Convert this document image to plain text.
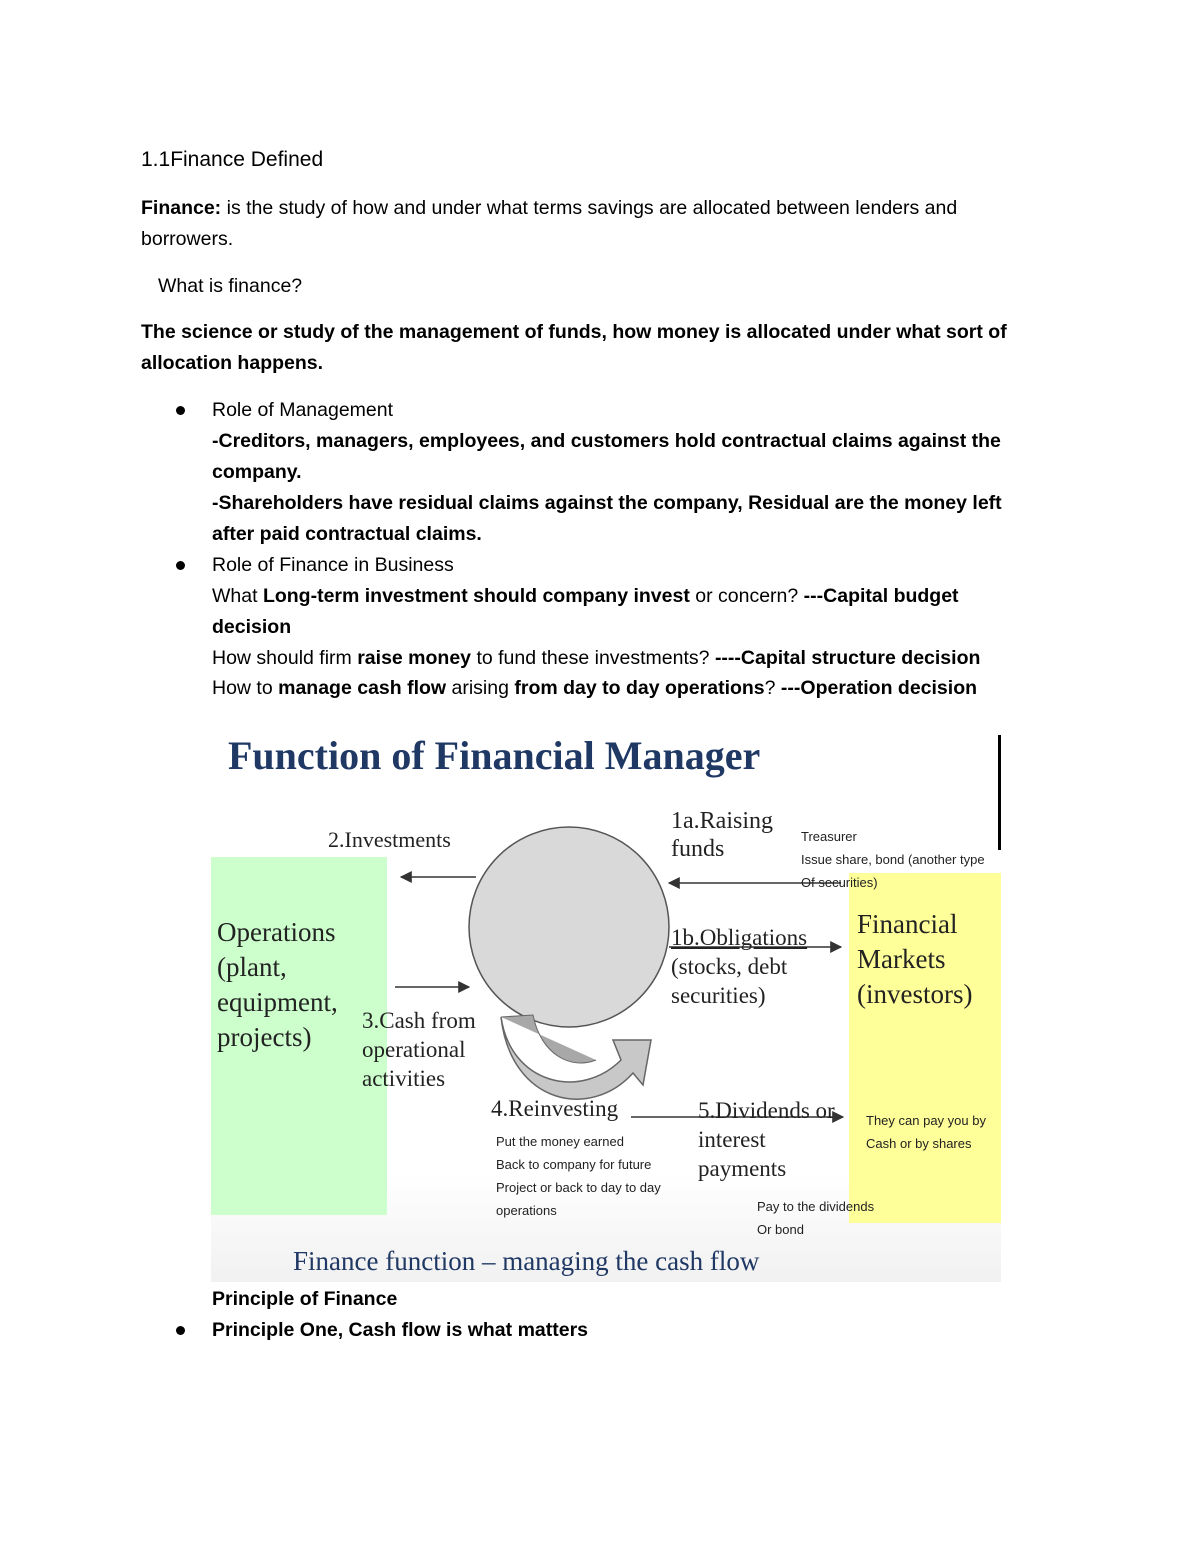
1.1Finance Defined
Finance: is the study of how and under what terms savings are allocated between lenders and
borrowers.
What is finance?
The science or study of the management of funds, how money is allocated under what sort of
allocation happens.
Role of Management
-Creditors, managers, employees, and customers hold contractual claims against the
company.
-Shareholders have residual claims against the company, Residual are the money left
after paid contractual claims.
Role of Finance in Business
What Long-term investment should company invest or concern? ---Capital budget
decision
How should firm raise money to fund these investments? ----Capital structure decision
How to manage cash flow arising from day to day operations? ---Operation decision
Function of Financial Manager
2.Investments
1a.Raising
funds	Treasurer
Issue share, bond (another type
Of securities)
Operations
(plant,
equipment,
projects)
1b.Obligations
(stocks, debt
securities)
Financial
Markets
(investors)
3.Cash from
operational
activities
4.Reinvesting
Put the money earned
Back to company for future
Project or back to day to day
operations
5.Dividends or
interest
payments
They can pay you by
Cash or by shares
Pay to the dividends
Or bond
Finance function – managing the cash flow
Principle of Finance
Principle One, Cash flow is what matters
